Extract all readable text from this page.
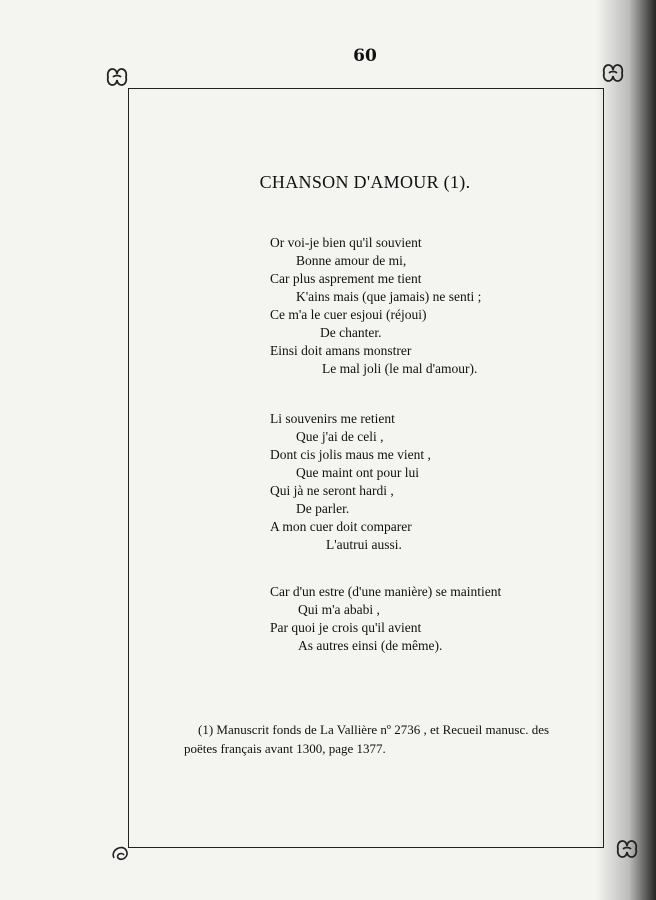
60
CHANSON D'AMOUR (1).
Or voi-je bien qu'il souvient
Bonne amour de mi,
Car plus asprement me tient
K'ains mais (que jamais) ne senti ;
Ce m'a le cuer esjoui (réjoui)
De chanter.
Einsi doit amans monstrer
Le mal joli (le mal d'amour).
Li souvenirs me retient
Que j'ai de celi ,
Dont cis jolis maus me vient ,
Que maint ont pour lui
Qui jà ne seront hardi ,
De parler.
A mon cuer doit comparer
L'autrui aussi.
Car d'un estre (d'une manière) se maintient
Qui m'a ababi ,
Par quoi je crois qu'il avient
As autres einsi (de même).
(1) Manuscrit fonds de La Vallière nº 2736 , et Recueil manusc. des
poëtes français avant 1300, page 1377.
